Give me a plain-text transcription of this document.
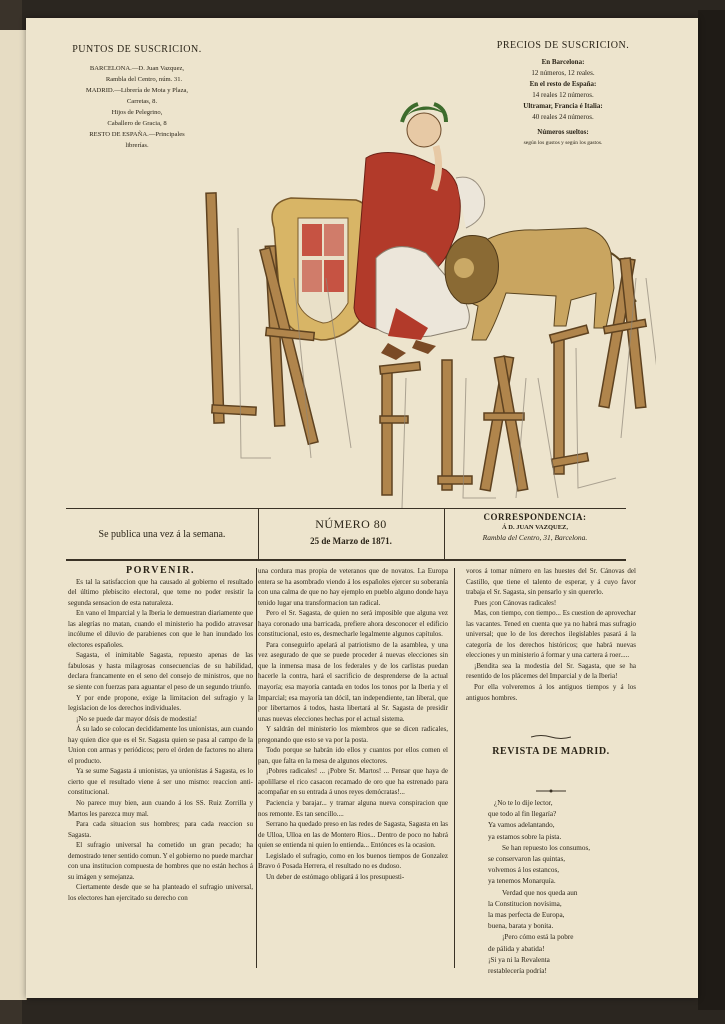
PUNTOS DE SUSCRICION.
BARCELONA.—D. Juan Vazquez,
Rambla del Centro, núm. 31.
MADRID.—Librería de Mota y Plaza,
Carretas, 8.
Hijos de Pelegrino,
Caballero de Gracia, 8
RESTO DE ESPAÑA.—Principales
librerías.
PRECIOS DE SUSCRICION.
En Barcelona:
12 números, 12 reales.
En el resto de España:
14 reales 12 números.
Ultramar, Francia é Italia:
40 reales 24 números.
Números sueltos:
según los gustos y según los gastos.
Se publica una vez á la semana.
NÚMERO 80
25 de Marzo de 1871.
CORRESPONDENCIA:
Á D. JUAN VAZQUEZ,
Rambla del Centro, 31, Barcelona.

PORVENIR.

Es tal la satisfaccion que ha causado al gobierno el resultado del último plebiscito electoral, que teme no poder resistir la segunda sensacion de esta naturaleza.

En vano el Imparcial y la Iberia le demuestran diariamente que las alegrías no matan, cuando el ministerio ha podido atravesar incólume el diluvio de parabienes con que le han inundado los electores españoles.

Sagasta, el inimitable Sagasta, repuesto apenas de las fabulosas y hasta milagrosas consecuencias de su habilidad, declara francamente en el seno del consejo de ministros, que no se siente con fuerzas para aguantar el peso de un segundo triunfo.

Y por ende propone, exige la limitacion del sufragio y la legislacion de los derechos individuales.

¡No se puede dar mayor dósis de modestia!

Á su lado se colocan decididamente los unionistas, aun cuando hay quien dice que es el Sr. Sagasta quien se pasa al campo de la Union con armas y periódicos; pero el órden de factores no altera el producto.

Ya se sume Sagasta á unionistas, ya unionistas á Sagasta, es lo cierto que el resultado viene á ser uno mismo: reaccion anti-constitucional.

No parece muy bien, aun cuando á los SS. Ruiz Zorrilla y Martos les parezca muy mal.

Para cada situacion sus hombres; para cada reaccion su Sagasta.

El sufragio universal ha cometido un gran pecado; ha demostrado tener sentido comun. Y el gobierno no puede marchar con una institucion compuesta de hombres que no están hechos á su imágen y semejanza.

Ciertamente desde que se ha planteado el sufragio universal, los electores han ejercitado su derecho con

una cordura mas propia de veteranos que de novatos. La Europa entera se ha asombrado viendo á los españoles ejercer su soberanía con una calma de que no hay ejemplo en pueblo alguno donde haya tenido lugar una transformacion tan radical.

Pero el Sr. Sagasta, de quien no será imposible que alguna vez haya coronado una barricada, prefiere ahora desconocer el edificio constitucional, esto es, desmecharle legalmente algunos capítulos.

Para conseguirlo apelará al patriotismo de la asamblea, y una vez asegurado de que se puede proceder á nuevas elecciones sin que la inmensa masa de los federales y de los carlistas puedan hacerle la contra, hará el sacrificio de desprenderse de la actual mayoría; esa mayoría cantada en todos los tonos por la Iberia y el Imparcial; esa mayoría tan dócil, tan independiente, tan liberal, que por libertarnos á todos, hasta libertará al Sr. Sagasta de presidir unas nuevas elecciones hechas por el actual sistema.

Y saldrán del ministerio los miembros que se dicen radicales, pregonando que esto se va por la posta.

Todo porque se habrán ido ellos y cuantos por ellos comen el pan, que falta en la mesa de algunos electores.

¡Pobres radicales! ... ¡Pobre Sr. Martos! ... Pensar que haya de apolillarse el rico casacon recamado de oro que ha estrenado para acompañar en su entrada á unos reyes demócratas!...

Paciencia y barajar... y tramar alguna nueva conspiracion que nos remonte. Es tan sencillo....

Serrano ha quedado preso en las redes de Sagasta, Sagasta en las de Ulloa, Ulloa en las de Montero Rios... Dentro de poco no habrá quien se entienda ni quien lo entienda... Entónces es la ocasion.

Legislado el sufragio, como en los buenos tiempos de Gonzalez Bravo ó Posada Herrera, el resultado no es dudoso.

Un deber de estómago obligará á los presupuesti-

voros á tomar número en las huestes del Sr. Cánovas del Castillo, que tiene el talento de esperar, y á cuyo favor trabaja el Sr. Sagasta, sin pensarlo y sin quererlo.

Pues ¡con Cánovas radicales!

Mas, con tiempo, con tiempo... Es cuestion de aprovechar las vacantes. Tened en cuenta que ya no habrá mas sufragio universal; que lo de los derechos ilegislables pasará á la categoría de los derechos históricos; que habrá nuevas elecciones y un ministerio á formar y una cartera á roer.....

¡Bendita sea la modestia del Sr. Sagasta, que se ha resentido de los plácemes del Imparcial y de la Iberia!

Por ella volveremos á los antiguos tiempos y á los antiguos hombres.

REVISTA DE MADRID.
¿No te lo dije lector,
que todo al fin llegaría?
Ya vamos adelantando,
ya estamos sobre la pista.
Se han repuesto los consumos,
se conservaron las quintas,
volvemos á los estancos,
ya tenemos Monarquía.
Verdad que nos queda aun
la Constitucion novísima,
la mas perfecta de Europa,
buena, barata y bonita.
¡Pero cómo está la pobre
de pálida y abatida!
¡Si ya ni la Revalenta
restablecería podría!
